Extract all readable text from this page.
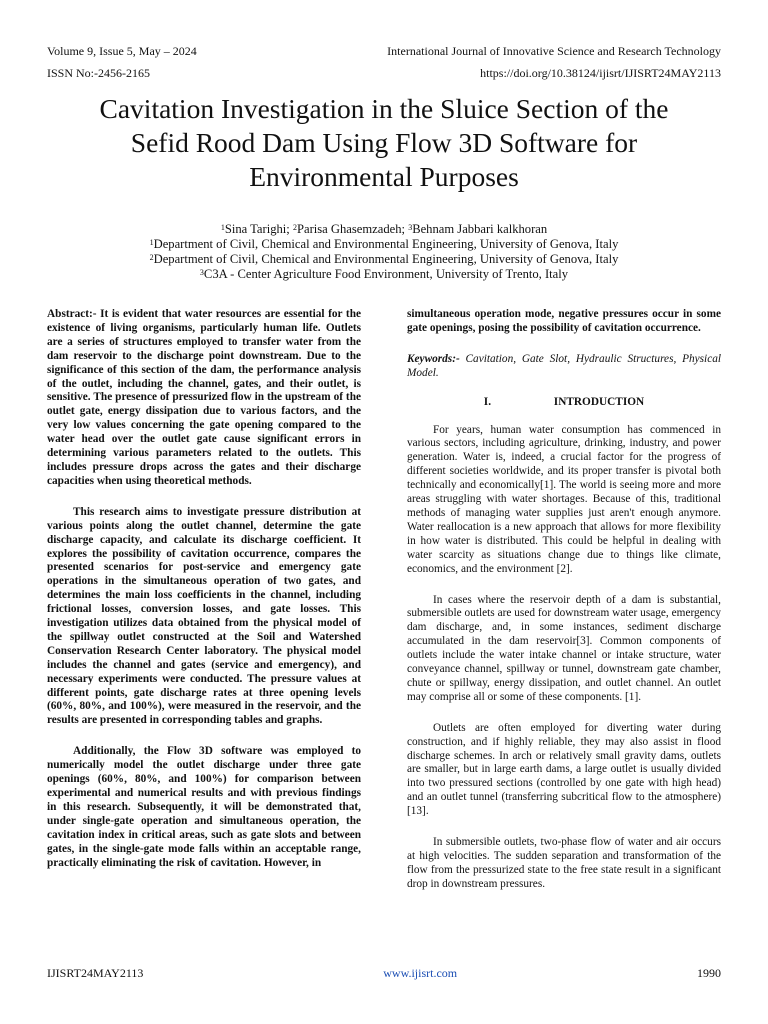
Volume 9, Issue 5, May – 2024	International Journal of Innovative Science and Research Technology
ISSN No:-2456-2165	https://doi.org/10.38124/ijisrt/IJISRT24MAY2113
Cavitation Investigation in the Sluice Section of the
Sefid Rood Dam Using Flow 3D Software for
Environmental Purposes
$^1$Sina Tarighi; $^2$Parisa Ghasemzadeh; $^3$Behnam Jabbari kalkhoran
$^1$Department of Civil, Chemical and Environmental Engineering, University of Genova, Italy
$^2$Department of Civil, Chemical and Environmental Engineering, University of Genova, Italy
$^3$C3A - Center Agriculture Food Environment, University of Trento, Italy

Abstract:- It is evident that water resources are essential for the existence of living organisms, particularly human life. Outlets are a series of structures employed to transfer water from the dam reservoir to the discharge point downstream. Due to the significance of this section of the dam, the performance analysis of the outlet, including the channel, gates, and their outlet, is sensitive. The presence of pressurized flow in the upstream of the outlet gate, energy dissipation due to various factors, and the very low values concerning the gate opening compared to the water head over the outlet gate cause significant errors in determining various parameters related to the outlets. This includes pressure drops across the gates and their discharge capacities when using theoretical methods.

This research aims to investigate pressure distribution at various points along the outlet channel, determine the gate discharge capacity, and calculate its discharge coefficient. It explores the possibility of cavitation occurrence, compares the presented scenarios for post-service and emergency gate operations in the simultaneous operation of two gates, and determines the main loss coefficients in the channel, including frictional losses, conversion losses, and gate losses. This investigation utilizes data obtained from the physical model of the spillway outlet constructed at the Soil and Watershed Conservation Research Center laboratory. The physical model includes the channel and gates (service and emergency), and necessary experiments were conducted. The pressure values at different points, gate discharge rates at three opening levels (60%, 80%, and 100%), were measured in the reservoir, and the results are presented in corresponding tables and graphs.

Additionally, the Flow 3D software was employed to numerically model the outlet discharge under three gate openings (60%, 80%, and 100%) for comparison between experimental and numerical results and with previous findings in this research. Subsequently, it will be demonstrated that, under single-gate operation and simultaneous operation, the cavitation index in critical areas, such as gate slots and between gates, in the single-gate mode falls within an acceptable range, practically eliminating the risk of cavitation. However, in

simultaneous operation mode, negative pressures occur in some gate openings, posing the possibility of cavitation occurrence.

Keywords:- Cavitation, Gate Slot, Hydraulic Structures, Physical Model.

I.	INTRODUCTION

For years, human water consumption has commenced in various sectors, including agriculture, drinking, industry, and power generation. Water is, indeed, a crucial factor for the progress of different societies worldwide, and its proper transfer is pivotal both technically and economically[1]. The world is seeing more and more areas struggling with water shortages. Because of this, traditional methods of managing water supplies just aren't enough anymore. Water reallocation is a new approach that allows for more flexibility in how water is distributed. This could be helpful in dealing with water scarcity as situations change due to things like climate, economics, and the environment [2].

In cases where the reservoir depth of a dam is substantial, submersible outlets are used for downstream water usage, emergency dam discharge, and, in some instances, sediment discharge accumulated in the dam reservoir[3]. Common components of outlets include the water intake channel or intake structure, water conveyance channel, spillway or tunnel, downstream gate chamber, chute or spillway, energy dissipation, and outlet channel. An outlet may comprise all or some of these components. [1].

Outlets are often employed for diverting water during construction, and if highly reliable, they may also assist in flood discharge schemes. In arch or relatively small gravity dams, outlets are smaller, but in large earth dams, a large outlet is usually divided into two pressured sections (controlled by one gate with high head) and an outlet tunnel (transferring subcritical flow to the atmosphere)[13].

In submersible outlets, two-phase flow of water and air occurs at high velocities. The sudden separation and transformation of the flow from the pressurized state to the free state result in a significant drop in downstream pressures.

IJISRT24MAY2113	www.ijisrt.com	1990
